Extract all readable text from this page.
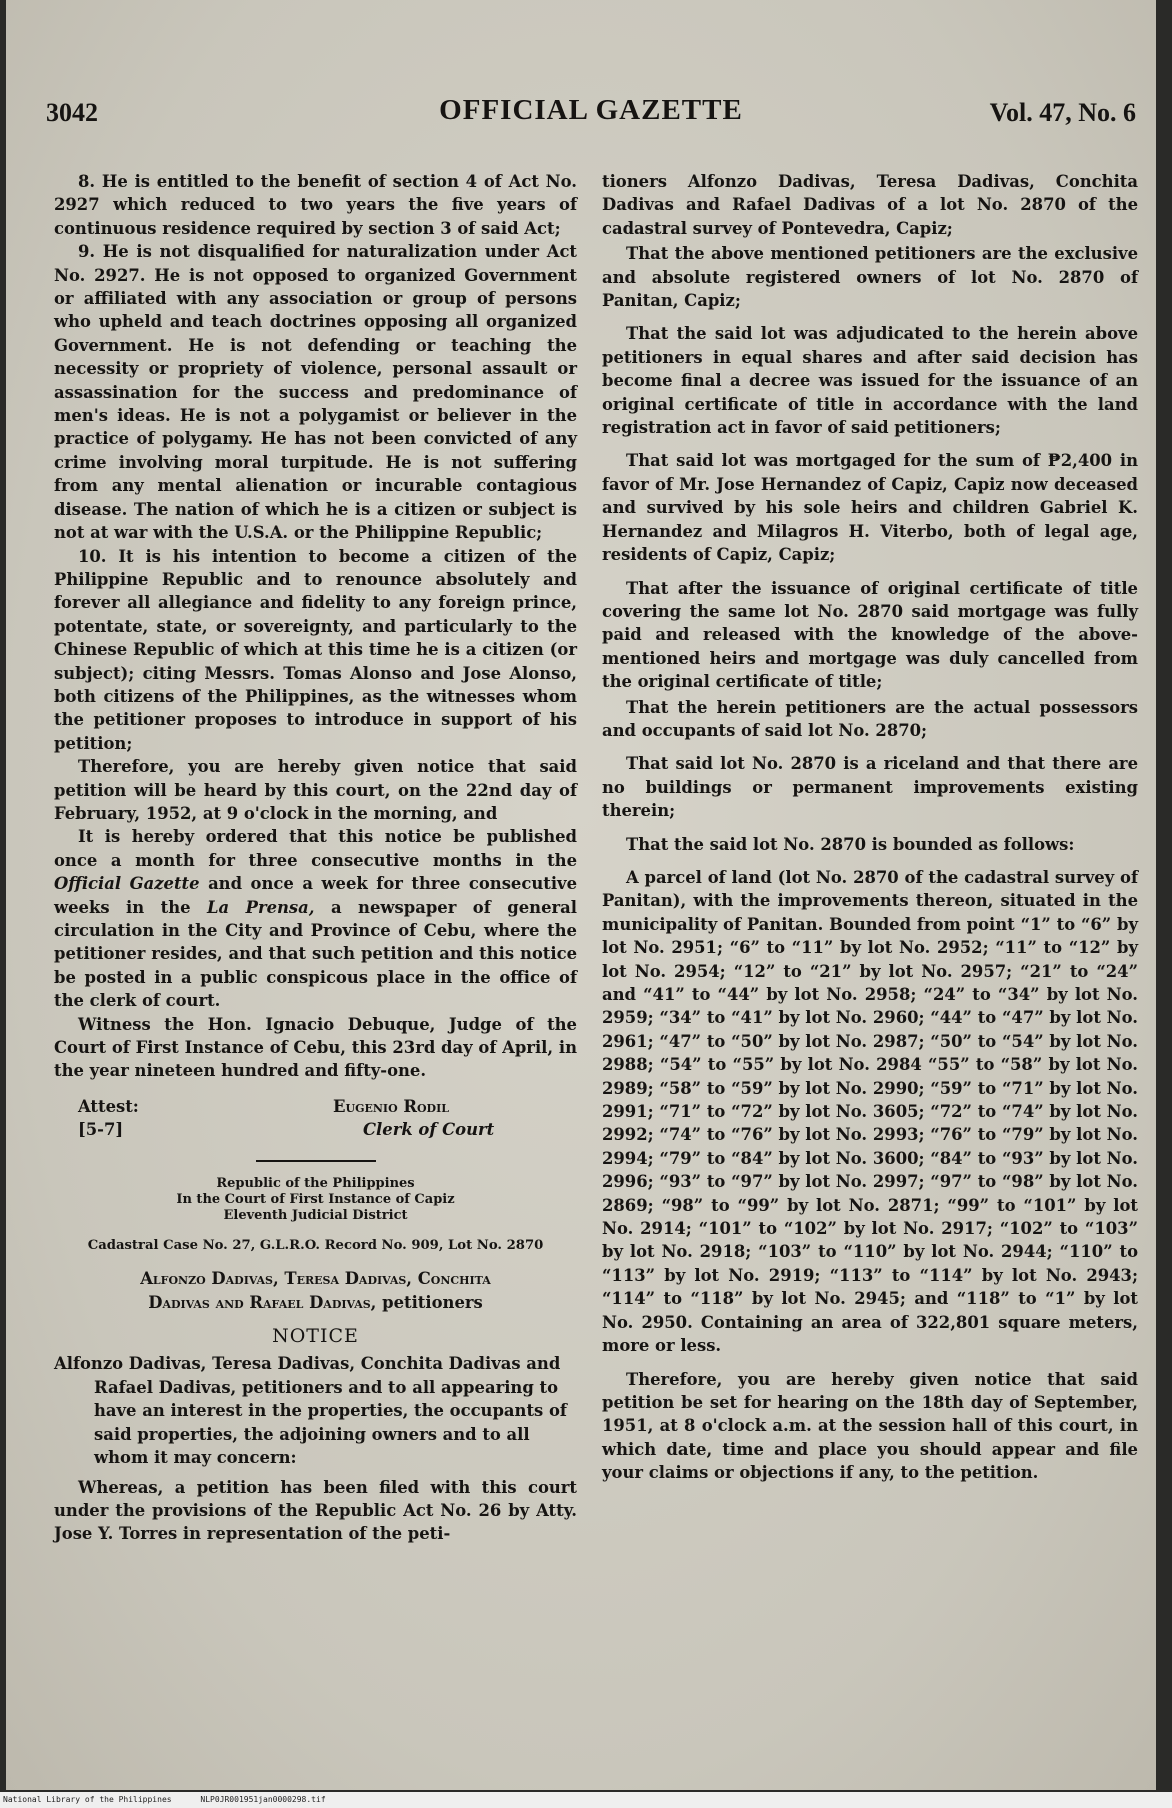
OFFICIAL GAZETTE
3042	Vol. 47, No. 6

8. He is entitled to the benefit of section 4 of Act No. 2927 which reduced to two years the five years of continuous residence required by section 3 of said Act;

9. He is not disqualified for naturalization under Act No. 2927. He is not opposed to organized Government or affiliated with any association or group of persons who upheld and teach doctrines opposing all organized Government. He is not defending or teaching the necessity or propriety of violence, personal assault or assassination for the success and predominance of men's ideas. He is not a polygamist or believer in the practice of polygamy. He has not been convicted of any crime involving moral turpitude. He is not suffering from any mental alienation or incurable contagious disease. The nation of which he is a citizen or subject is not at war with the U.S.A. or the Philippine Republic;

10. It is his intention to become a citizen of the Philippine Republic and to renounce absolutely and forever all allegiance and fidelity to any foreign prince, potentate, state, or sovereignty, and particularly to the Chinese Republic of which at this time he is a citizen (or subject); citing Messrs. Tomas Alonso and Jose Alonso, both citizens of the Philippines, as the witnesses whom the petitioner proposes to introduce in support of his petition;

Therefore, you are hereby given notice that said petition will be heard by this court, on the 22nd day of February, 1952, at 9 o'clock in the morning, and

It is hereby ordered that this notice be published once a month for three consecutive months in the Official Gazette and once a week for three consecutive weeks in the La Prensa, a newspaper of general circulation in the City and Province of Cebu, where the petitioner resides, and that such petition and this notice be posted in a public conspicous place in the office of the clerk of court.

Witness the Hon. Ignacio Debuque, Judge of the Court of First Instance of Cebu, this 23rd day of April, in the year nineteen hundred and fifty-one.

Attest:
[5-7]
Eugenio Rodil
Clerk of Court
Republic of the Philippines
In the Court of First Instance of Capiz
Eleventh Judicial District
Cadastral Case No. 27, G.L.R.O. Record No. 909, Lot No. 2870
Alfonzo Dadivas, Teresa Dadivas, Conchita
Dadivas and Rafael Dadivas, petitioners
NOTICE

Alfonzo Dadivas, Teresa Dadivas, Conchita Dadivas and Rafael Dadivas, petitioners and to all appearing to have an interest in the properties, the occupants of said properties, the adjoining owners and to all whom it may concern:

Whereas, a petition has been filed with this court under the provisions of the Republic Act No. 26 by Atty. Jose Y. Torres in representation of the peti-

tioners Alfonzo Dadivas, Teresa Dadivas, Conchita Dadivas and Rafael Dadivas of a lot No. 2870 of the cadastral survey of Pontevedra, Capiz;

That the above mentioned petitioners are the exclusive and absolute registered owners of lot No. 2870 of Panitan, Capiz;

That the said lot was adjudicated to the herein above petitioners in equal shares and after said decision has become final a decree was issued for the issuance of an original certificate of title in accordance with the land registration act in favor of said petitioners;

That said lot was mortgaged for the sum of ₱2,400 in favor of Mr. Jose Hernandez of Capiz, Capiz now deceased and survived by his sole heirs and children Gabriel K. Hernandez and Milagros H. Viterbo, both of legal age, residents of Capiz, Capiz;

That after the issuance of original certificate of title covering the same lot No. 2870 said mortgage was fully paid and released with the knowledge of the above-mentioned heirs and mortgage was duly cancelled from the original certificate of title;

That the herein petitioners are the actual possessors and occupants of said lot No. 2870;

That said lot No. 2870 is a riceland and that there are no buildings or permanent improvements existing therein;

That the said lot No. 2870 is bounded as follows:

A parcel of land (lot No. 2870 of the cadastral survey of Panitan), with the improvements thereon, situated in the municipality of Panitan. Bounded from point “1” to “6” by lot No. 2951; “6” to “11” by lot No. 2952; “11” to “12” by lot No. 2954; “12” to “21” by lot No. 2957; “21” to “24” and “41” to “44” by lot No. 2958; “24” to “34” by lot No. 2959; “34” to “41” by lot No. 2960; “44” to “47” by lot No. 2961; “47” to “50” by lot No. 2987; “50” to “54” by lot No. 2988; “54” to “55” by lot No. 2984 “55” to “58” by lot No. 2989; “58” to “59” by lot No. 2990; “59” to “71” by lot No. 2991; “71” to “72” by lot No. 3605; “72” to “74” by lot No. 2992; “74” to “76” by lot No. 2993; “76” to “79” by lot No. 2994; “79” to “84” by lot No. 3600; “84” to “93” by lot No. 2996; “93” to “97” by lot No. 2997; “97” to “98” by lot No. 2869; “98” to “99” by lot No. 2871; “99” to “101” by lot No. 2914; “101” to “102” by lot No. 2917; “102” to “103” by lot No. 2918; “103” to “110” by lot No. 2944; “110” to “113” by lot No. 2919; “113” to “114” by lot No. 2943; “114” to “118” by lot No. 2945; and “118” to “1” by lot No. 2950. Containing an area of 322,801 square meters, more or less.

Therefore, you are hereby given notice that said petition be set for hearing on the 18th day of September, 1951, at 8 o'clock a.m. at the session hall of this court, in which date, time and place you should appear and file your claims or objections if any, to the petition.

National Library of the Philippines	NLP0JR001951jan0000298.tif
